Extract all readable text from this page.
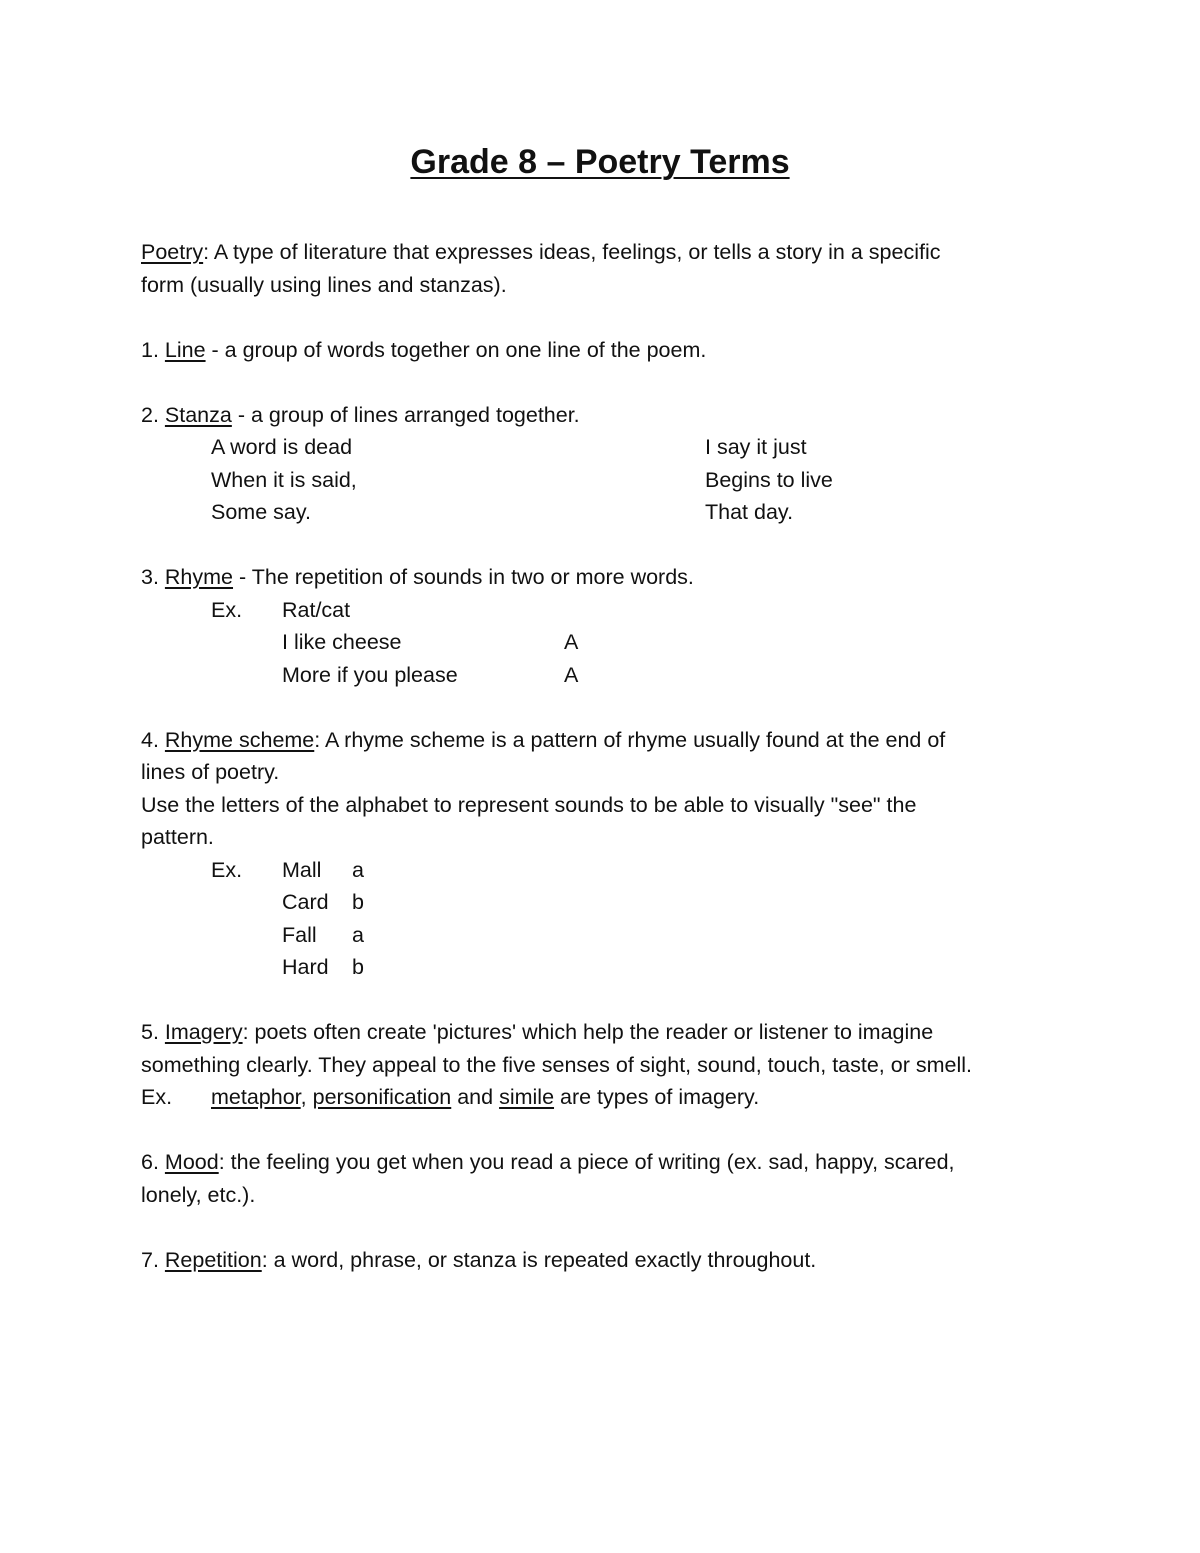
Grade 8 – Poetry Terms
Poetry: A type of literature that expresses ideas, feelings, or tells a story in a specific
form (usually using lines and stanzas).
1. Line - a group of words together on one line of the poem.
2. Stanza - a group of lines arranged together.
A word is dead	I say it just
When it is said,	Begins to live
Some say.	That day.
3. Rhyme - The repetition of sounds in two or more words.
Ex. Rat/cat
I like cheese	A
More if you please	A
4. Rhyme scheme: A rhyme scheme is a pattern of rhyme usually found at the end of
lines of poetry.
Use the letters of the alphabet to represent sounds to be able to visually "see" the
pattern.
Ex. Mall a
Card b
Fall a
Hard b
5. Imagery: poets often create 'pictures' which help the reader or listener to imagine
something clearly. They appeal to the five senses of sight, sound, touch, taste, or smell.
Ex. metaphor, personification and simile are types of imagery.
6. Mood: the feeling you get when you read a piece of writing (ex. sad, happy, scared,
lonely, etc.).
7. Repetition: a word, phrase, or stanza is repeated exactly throughout.
